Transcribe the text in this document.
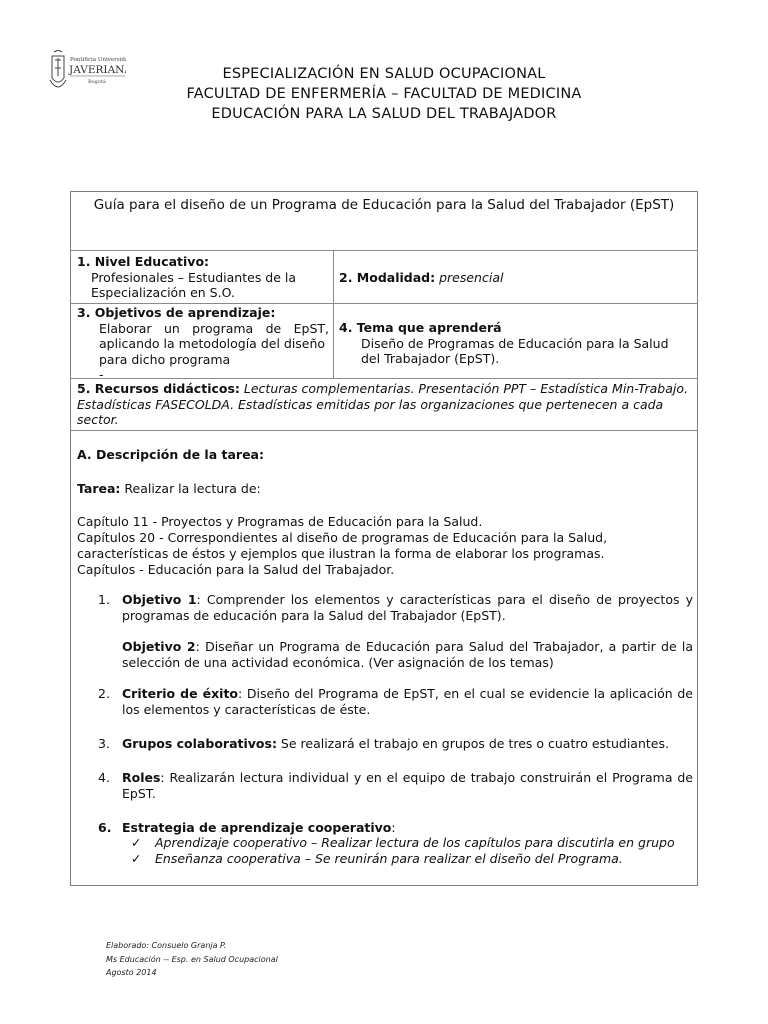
Pontificia Universidad
JAVERIANA
Bogotá	ESPECIALIZACIÓN EN SALUD OCUPACIONAL
FACULTAD DE ENFERMERÍA – FACULTAD DE MEDICINA
EDUCACIÓN PARA LA SALUD DEL TRABAJADOR
Guía para el diseño de un Programa de Educación para la Salud del Trabajador (EpST)
1. Nivel Educativo:
Profesionales – Estudiantes de la
Especialización en S.O.
2. Modalidad: presencial
3. Objetivos de aprendizaje:
Elaborar un programa de EpST,
aplicando la metodología del diseño
para dicho programa
-
4. Tema que aprenderá
Diseño de Programas de Educación para la Salud
del Trabajador (EpST).
5. Recursos didácticos: Lecturas complementarias. Presentación PPT – Estadística Min-Trabajo. Estadísticas FASECOLDA. Estadísticas emitidas por las organizaciones que pertenecen a cada sector.
A. Descripción de la tarea:
Tarea: Realizar la lectura de:
Capítulo 11 - Proyectos y Programas de Educación para la Salud.
Capítulos 20 - Correspondientes al diseño de programas de Educación para la Salud,
características de éstos y ejemplos que ilustran la forma de elaborar los programas.
Capítulos - Educación para la Salud del Trabajador.
1. Objetivo 1: Comprender los elementos y características para el diseño de proyectos y programas de educación para la Salud del Trabajador (EpST).
Objetivo 2: Diseñar un Programa de Educación para Salud del Trabajador, a partir de la selección de una actividad económica. (Ver asignación de los temas)
2. Criterio de éxito: Diseño del Programa de EpST, en el cual se evidencie la aplicación de los elementos y características de éste.
3. Grupos colaborativos: Se realizará el trabajo en grupos de tres o cuatro estudiantes.
4. Roles: Realizarán lectura individual y en el equipo de trabajo construirán el Programa de EpST.
6. Estrategia de aprendizaje cooperativo:
✓ Aprendizaje cooperativo – Realizar lectura de los capítulos para discutirla en grupo
✓ Enseñanza cooperativa – Se reunirán para realizar el diseño del Programa.
Elaborado: Consuelo Granja P.
Ms Educación -- Esp. en Salud Ocupacional
Agosto 2014
